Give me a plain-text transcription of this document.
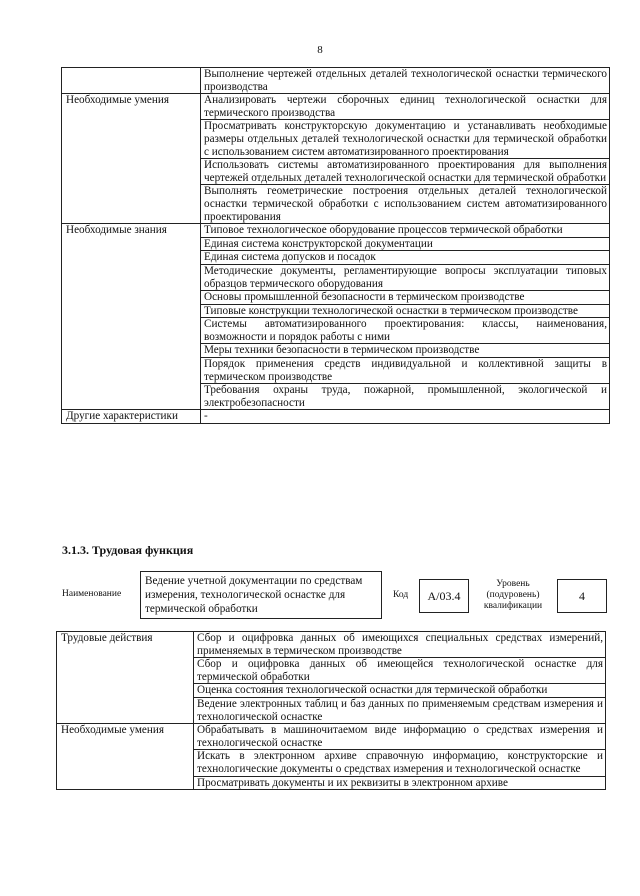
8
	Выполнение чертежей отдельных деталей технологической оснастки термического производства
Необходимые умения	Анализировать чертежи сборочных единиц технологической оснастки для термического производства
	Просматривать конструкторскую документацию и устанавливать необходимые размеры отдельных деталей технологической оснастки для термической обработки с использованием систем автоматизированного проектирования
	Использовать системы автоматизированного проектирования для выполнения чертежей отдельных деталей технологической оснастки для термической обработки
	Выполнять геометрические построения отдельных деталей технологической оснастки термической обработки с использованием систем автоматизированного проектирования
Необходимые знания	Типовое технологическое оборудование процессов термической обработки
	Единая система конструкторской документации
	Единая система допусков и посадок
	Методические документы, регламентирующие вопросы эксплуатации типовых образцов термического оборудования
	Основы промышленной безопасности в термическом производстве
	Типовые конструкции технологической оснастки в термическом производстве
	Системы автоматизированного проектирования: классы, наименования, возможности и порядок работы с ними
	Меры техники безопасности в термическом производстве
	Порядок применения средств индивидуальной и коллективной защиты в термическом производстве
	Требования охраны труда, пожарной, промышленной, экологической и электробезопасности
Другие характеристики	-
3.1.3. Трудовая функция
Наименование
Ведение учетной документации по средствам измерения, технологической оснастке для термической обработки
Код	A/03.4
Уровень (подуровень) квалификации
4
Трудовые действия	Сбор и оцифровка данных об имеющихся специальных средствах измерений, применяемых в термическом производстве
	Сбор и оцифровка данных об имеющейся технологической оснастке для термической обработки
	Оценка состояния технологической оснастки для термической обработки
	Ведение электронных таблиц и баз данных по применяемым средствам измерения и технологической оснастке
Необходимые умения	Обрабатывать в машиночитаемом виде информацию о средствах измерения и технологической оснастке
	Искать в электронном архиве справочную информацию, конструкторские и технологические документы о средствах измерения и технологической оснастке
	Просматривать документы и их реквизиты в электронном архиве
